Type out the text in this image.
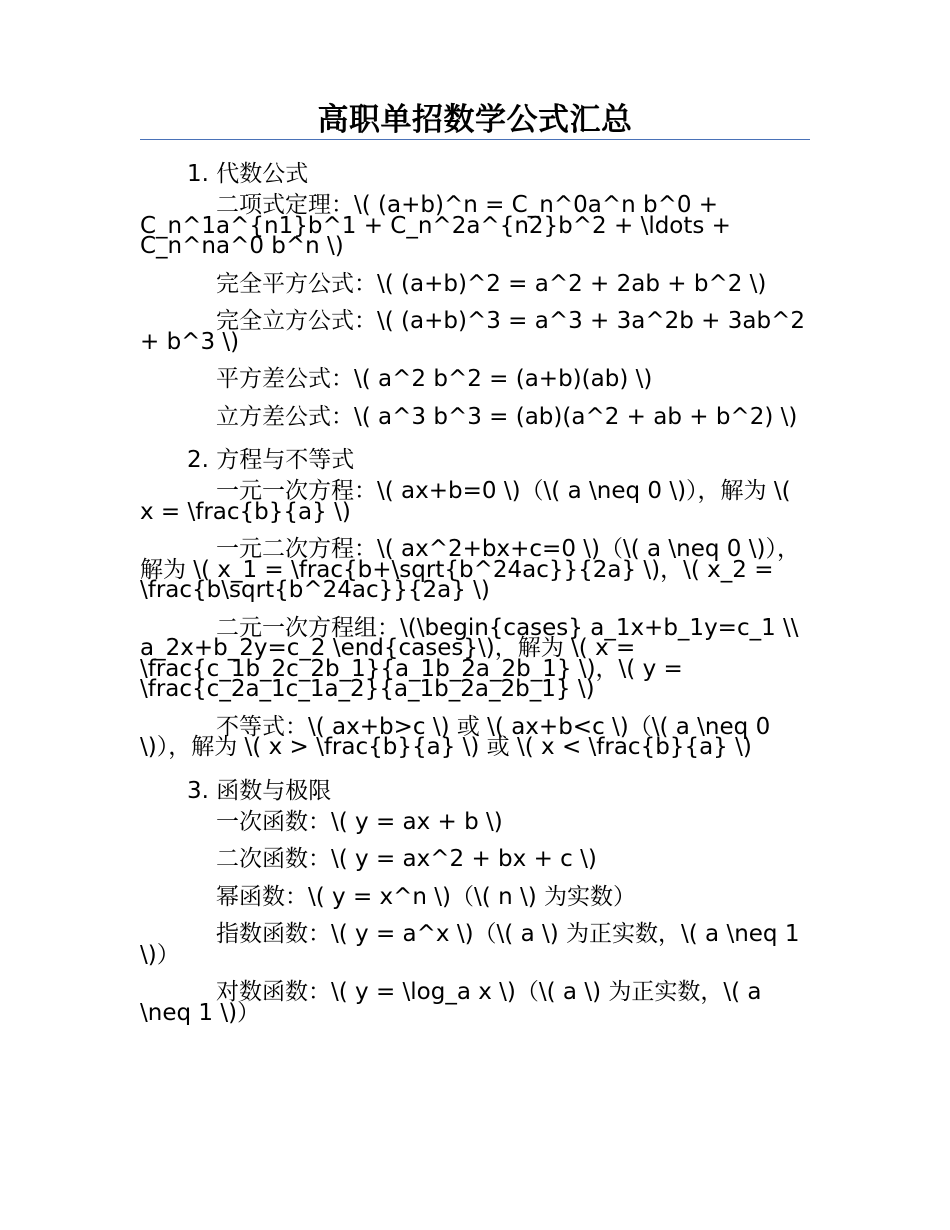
高职单招数学公式汇总
1. 代数公式
二项式定理：\( (a+b)^n = C_n^0a^n b^0 + C_n^1a^{n1}b^1 + C_n^2a^{n2}b^2 + \ldots + C_n^na^0 b^n \)
完全平方公式：\( (a+b)^2 = a^2 + 2ab + b^2 \)
完全立方公式：\( (a+b)^3 = a^3 + 3a^2b + 3ab^2 + b^3 \)
平方差公式：\( a^2 b^2 = (a+b)(ab) \)
立方差公式：\( a^3 b^3 = (ab)(a^2 + ab + b^2) \)
2. 方程与不等式
一元一次方程：\( ax+b=0 \)（\( a \neq 0 \)），解为 \( x = \frac{b}{a} \)
一元二次方程：\( ax^2+bx+c=0 \)（\( a \neq 0 \)），解为 \( x_1 = \frac{b+\sqrt{b^24ac}}{2a} \)，\( x_2 = \frac{b\sqrt{b^24ac}}{2a} \)
二元一次方程组：\(\begin{cases} a_1x+b_1y=c_1 \\ a_2x+b_2y=c_2 \end{cases}\)，解为 \( x = \frac{c_1b_2c_2b_1}{a_1b_2a_2b_1} \)，\( y = \frac{c_2a_1c_1a_2}{a_1b_2a_2b_1} \)
不等式：\( ax+b>c \) 或 \( ax+b<c \)（\( a \neq 0 \)），解为 \( x > \frac{b}{a} \) 或 \( x < \frac{b}{a} \)
3. 函数与极限
一次函数：\( y = ax + b \)
二次函数：\( y = ax^2 + bx + c \)
幂函数：\( y = x^n \)（\( n \) 为实数）
指数函数：\( y = a^x \)（\( a \) 为正实数，\( a \neq 1 \)）
对数函数：\( y = \log_a x \)（\( a \) 为正实数，\( a \neq 1 \)）
